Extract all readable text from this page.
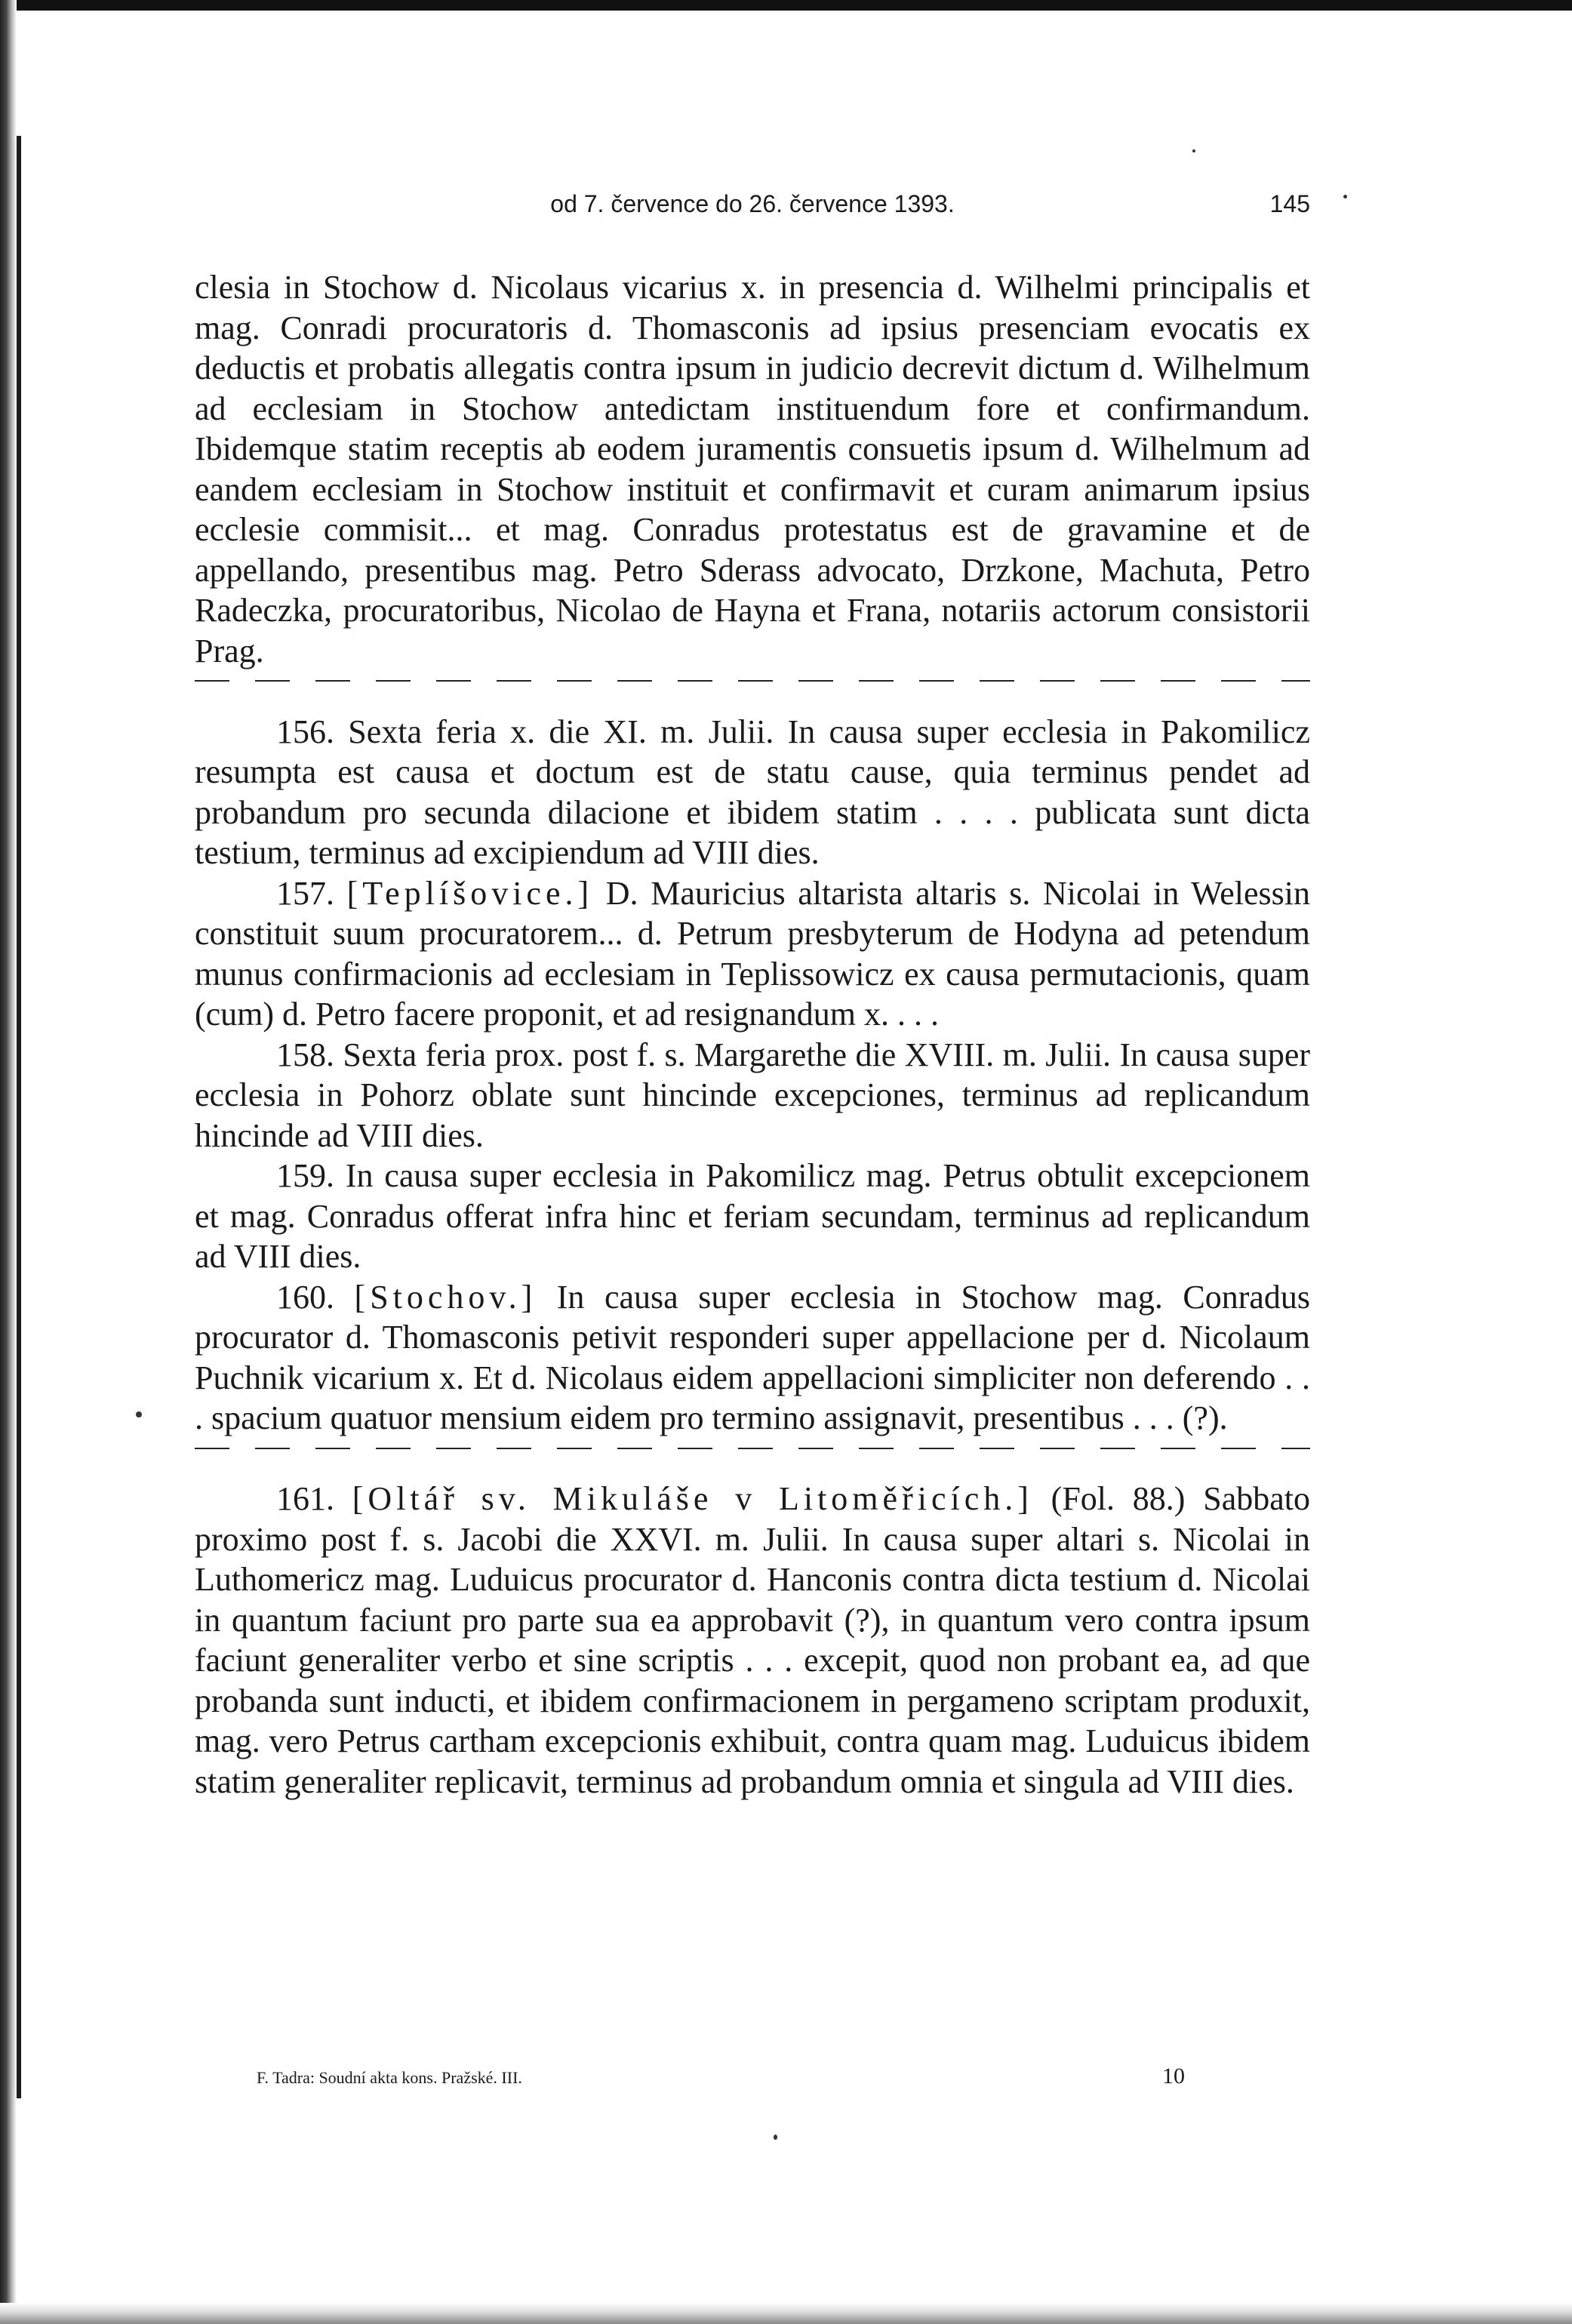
od 7. července do 26. července 1393.	145

clesia in Stochow d. Nicolaus vicarius x. in presencia d. Wilhelmi principalis et mag. Conradi procuratoris d. Thomasconis ad ipsius presenciam evocatis ex deductis et probatis allegatis contra ipsum in judicio decrevit dictum d. Wilhelmum ad ecclesiam in Stochow antedictam instituendum fore et confirmandum. Ibidemque statim receptis ab eodem juramentis consuetis ipsum d. Wilhelmum ad eandem ecclesiam in Stochow instituit et confirmavit et curam animarum ipsius ecclesie commisit... et mag. Conradus protestatus est de gravamine et de appellando, presentibus mag. Petro Sderass advocato, Drzkone, Machuta, Petro Radeczka, procuratoribus, Nicolao de Hayna et Frana, notariis actorum consistorii Prag.

156. Sexta feria x. die XI. m. Julii. In causa super ecclesia in Pakomilicz resumpta est causa et doctum est de statu cause, quia terminus pendet ad probandum pro secunda dilacione et ibidem statim . . . . publicata sunt dicta testium, terminus ad excipiendum ad VIII dies.

157. [Teplíšovice.] D. Mauricius altarista altaris s. Nicolai in Welessin constituit suum procuratorem... d. Petrum presbyterum de Hodyna ad petendum munus confirmacionis ad ecclesiam in Teplissowicz ex causa permutacionis, quam (cum) d. Petro facere proponit, et ad resignandum x. . . .

158. Sexta feria prox. post f. s. Margarethe die XVIII. m. Julii. In causa super ecclesia in Pohorz oblate sunt hincinde excepciones, terminus ad replicandum hincinde ad VIII dies.

159. In causa super ecclesia in Pakomilicz mag. Petrus obtulit excepcionem et mag. Conradus offerat infra hinc et feriam secundam, terminus ad replicandum ad VIII dies.

160. [Stochov.] In causa super ecclesia in Stochow mag. Conradus procurator d. Thomasconis petivit responderi super appellacione per d. Nicolaum Puchnik vicarium x. Et d. Nicolaus eidem appellacioni simpliciter non deferendo . . . spacium quatuor mensium eidem pro termino assignavit, presentibus . . . (?).

161. [Oltář sv. Mikuláše v Litoměřicích.] (Fol. 88.) Sabbato proximo post f. s. Jacobi die XXVI. m. Julii. In causa super altari s. Nicolai in Luthomericz mag. Luduicus procurator d. Hanconis contra dicta testium d. Nicolai in quantum faciunt pro parte sua ea approbavit (?), in quantum vero contra ipsum faciunt generaliter verbo et sine scriptis . . . excepit, quod non probant ea, ad que probanda sunt inducti, et ibidem confirmacionem in pergameno scriptam produxit, mag. vero Petrus cartham excepcionis exhibuit, contra quam mag. Luduicus ibidem statim generaliter replicavit, terminus ad probandum omnia et singula ad VIII dies.

F. Tadra: Soudní akta kons. Pražské. III.	10
